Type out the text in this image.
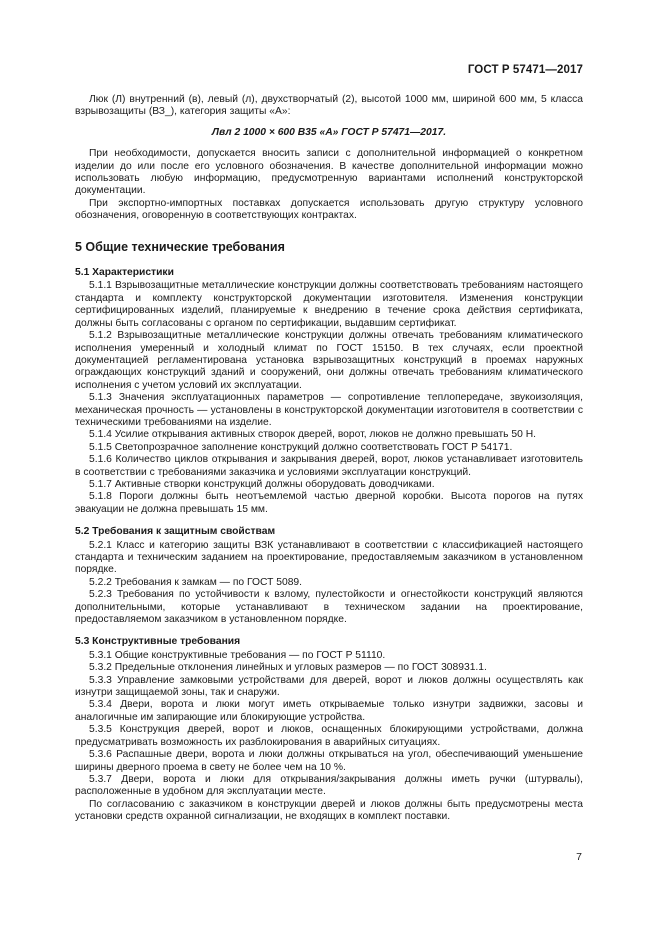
ГОСТ Р 57471—2017

Люк (Л) внутренний (в), левый (л), двухстворчатый (2), высотой 1000 мм, шириной 600 мм, 5 класса взрывозащиты (ВЗ_), категория защиты «А»:

Лвл 2 1000 × 600 В35 «А» ГОСТ Р 57471—2017.

При необходимости, допускается вносить записи с дополнительной информацией о конкретном изделии до или после его условного обозначения. В качестве дополнительной информации можно использовать любую информацию, предусмотренную вариантами исполнений конструкторской документации.

При экспортно-импортных поставках допускается использовать другую структуру условного обозначения, оговоренную в соответствующих контрактах.

5 Общие технические требования
5.1 Характеристики

5.1.1 Взрывозащитные металлические конструкции должны соответствовать требованиям настоящего стандарта и комплекту конструкторской документации изготовителя. Изменения конструкции сертифицированных изделий, планируемые к внедрению в течение срока действия сертификата, должны быть согласованы с органом по сертификации, выдавшим сертификат.

5.1.2 Взрывозащитные металлические конструкции должны отвечать требованиям климатического исполнения умеренный и холодный климат по ГОСТ 15150. В тех случаях, если проектной документацией регламентирована установка взрывозащитных конструкций в проемах наружных ограждающих конструкций зданий и сооружений, они должны отвечать требованиям климатического исполнения с учетом условий их эксплуатации.

5.1.3 Значения эксплуатационных параметров — сопротивление теплопередаче, звукоизоляция, механическая прочность — установлены в конструкторской документации изготовителя в соответствии с техническими требованиями на изделие.

5.1.4 Усилие открывания активных створок дверей, ворот, люков не должно превышать 50 Н.

5.1.5 Светопрозрачное заполнение конструкций должно соответствовать ГОСТ Р 54171.

5.1.6 Количество циклов открывания и закрывания дверей, ворот, люков устанавливает изготовитель в соответствии с требованиями заказчика и условиями эксплуатации конструкций.

5.1.7 Активные створки конструкций должны оборудовать доводчиками.

5.1.8 Пороги должны быть неотъемлемой частью дверной коробки. Высота порогов на путях эвакуации не должна превышать 15 мм.

5.2 Требования к защитным свойствам

5.2.1 Класс и категорию защиты ВЗК устанавливают в соответствии с классификацией настоящего стандарта и техническим заданием на проектирование, предоставляемым заказчиком в установленном порядке.

5.2.2 Требования к замкам — по ГОСТ 5089.

5.2.3 Требования по устойчивости к взлому, пулестойкости и огнестойкости конструкций являются дополнительными, которые устанавливают в техническом задании на проектирование, предоставляемом заказчиком в установленном порядке.

5.3 Конструктивные требования

5.3.1 Общие конструктивные требования — по ГОСТ Р 51110.

5.3.2 Предельные отклонения линейных и угловых размеров — по ГОСТ 308931.1.

5.3.3 Управление замковыми устройствами для дверей, ворот и люков должны осуществлять как изнутри защищаемой зоны, так и снаружи.

5.3.4 Двери, ворота и люки могут иметь открываемые только изнутри задвижки, засовы и аналогичные им запирающие или блокирующие устройства.

5.3.5 Конструкция дверей, ворот и люков, оснащенных блокирующими устройствами, должна предусматривать возможность их разблокирования в аварийных ситуациях.

5.3.6 Распашные двери, ворота и люки должны открываться на угол, обеспечивающий уменьшение ширины дверного проема в свету не более чем на 10 %.

5.3.7 Двери, ворота и люки для открывания/закрывания должны иметь ручки (штурвалы), расположенные в удобном для эксплуатации месте.

По согласованию с заказчиком в конструкции дверей и люков должны быть предусмотрены места установки средств охранной сигнализации, не входящих в комплект поставки.

7
